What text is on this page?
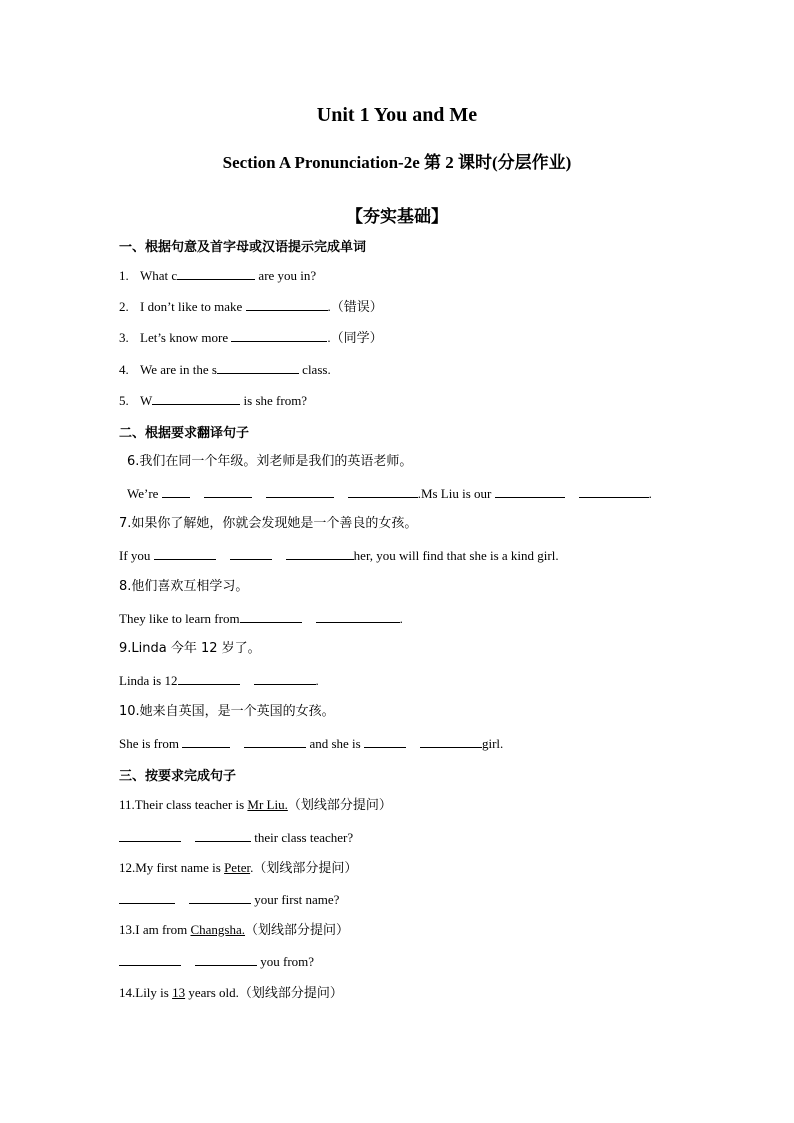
Unit 1 You and Me
Section A Pronunciation-2e 第 2 课时(分层作业)
【夯实基础】
一、根据句意及首字母或汉语提示完成单词
1. What c	are you in?
2. I don’t like to make	.（错误）
3. Let’s know more	.（同学）
4. We are in the s	class.
5. W	is she from?
二、根据要求翻译句子
6.我们在同一个年级。刘老师是我们的英语老师。
We’re	.Ms Liu is our	.
7.如果你了解她，你就会发现她是一个善良的女孩。
If you	her, you will find that she is a kind girl.
8.他们喜欢互相学习。
They like to learn from	.
9.Linda 今年 12 岁了。
Linda is 12	.
10.她来自英国，是一个英国的女孩。
She is from	and she is	girl.
三、按要求完成句子
11.Their class teacher is Mr Liu.（划线部分提问）
their class teacher?
12.My first name is Peter.（划线部分提问）
your first name?
13.I am from Changsha.（划线部分提问）
you from?
14.Lily is 13 years old.（划线部分提问）
